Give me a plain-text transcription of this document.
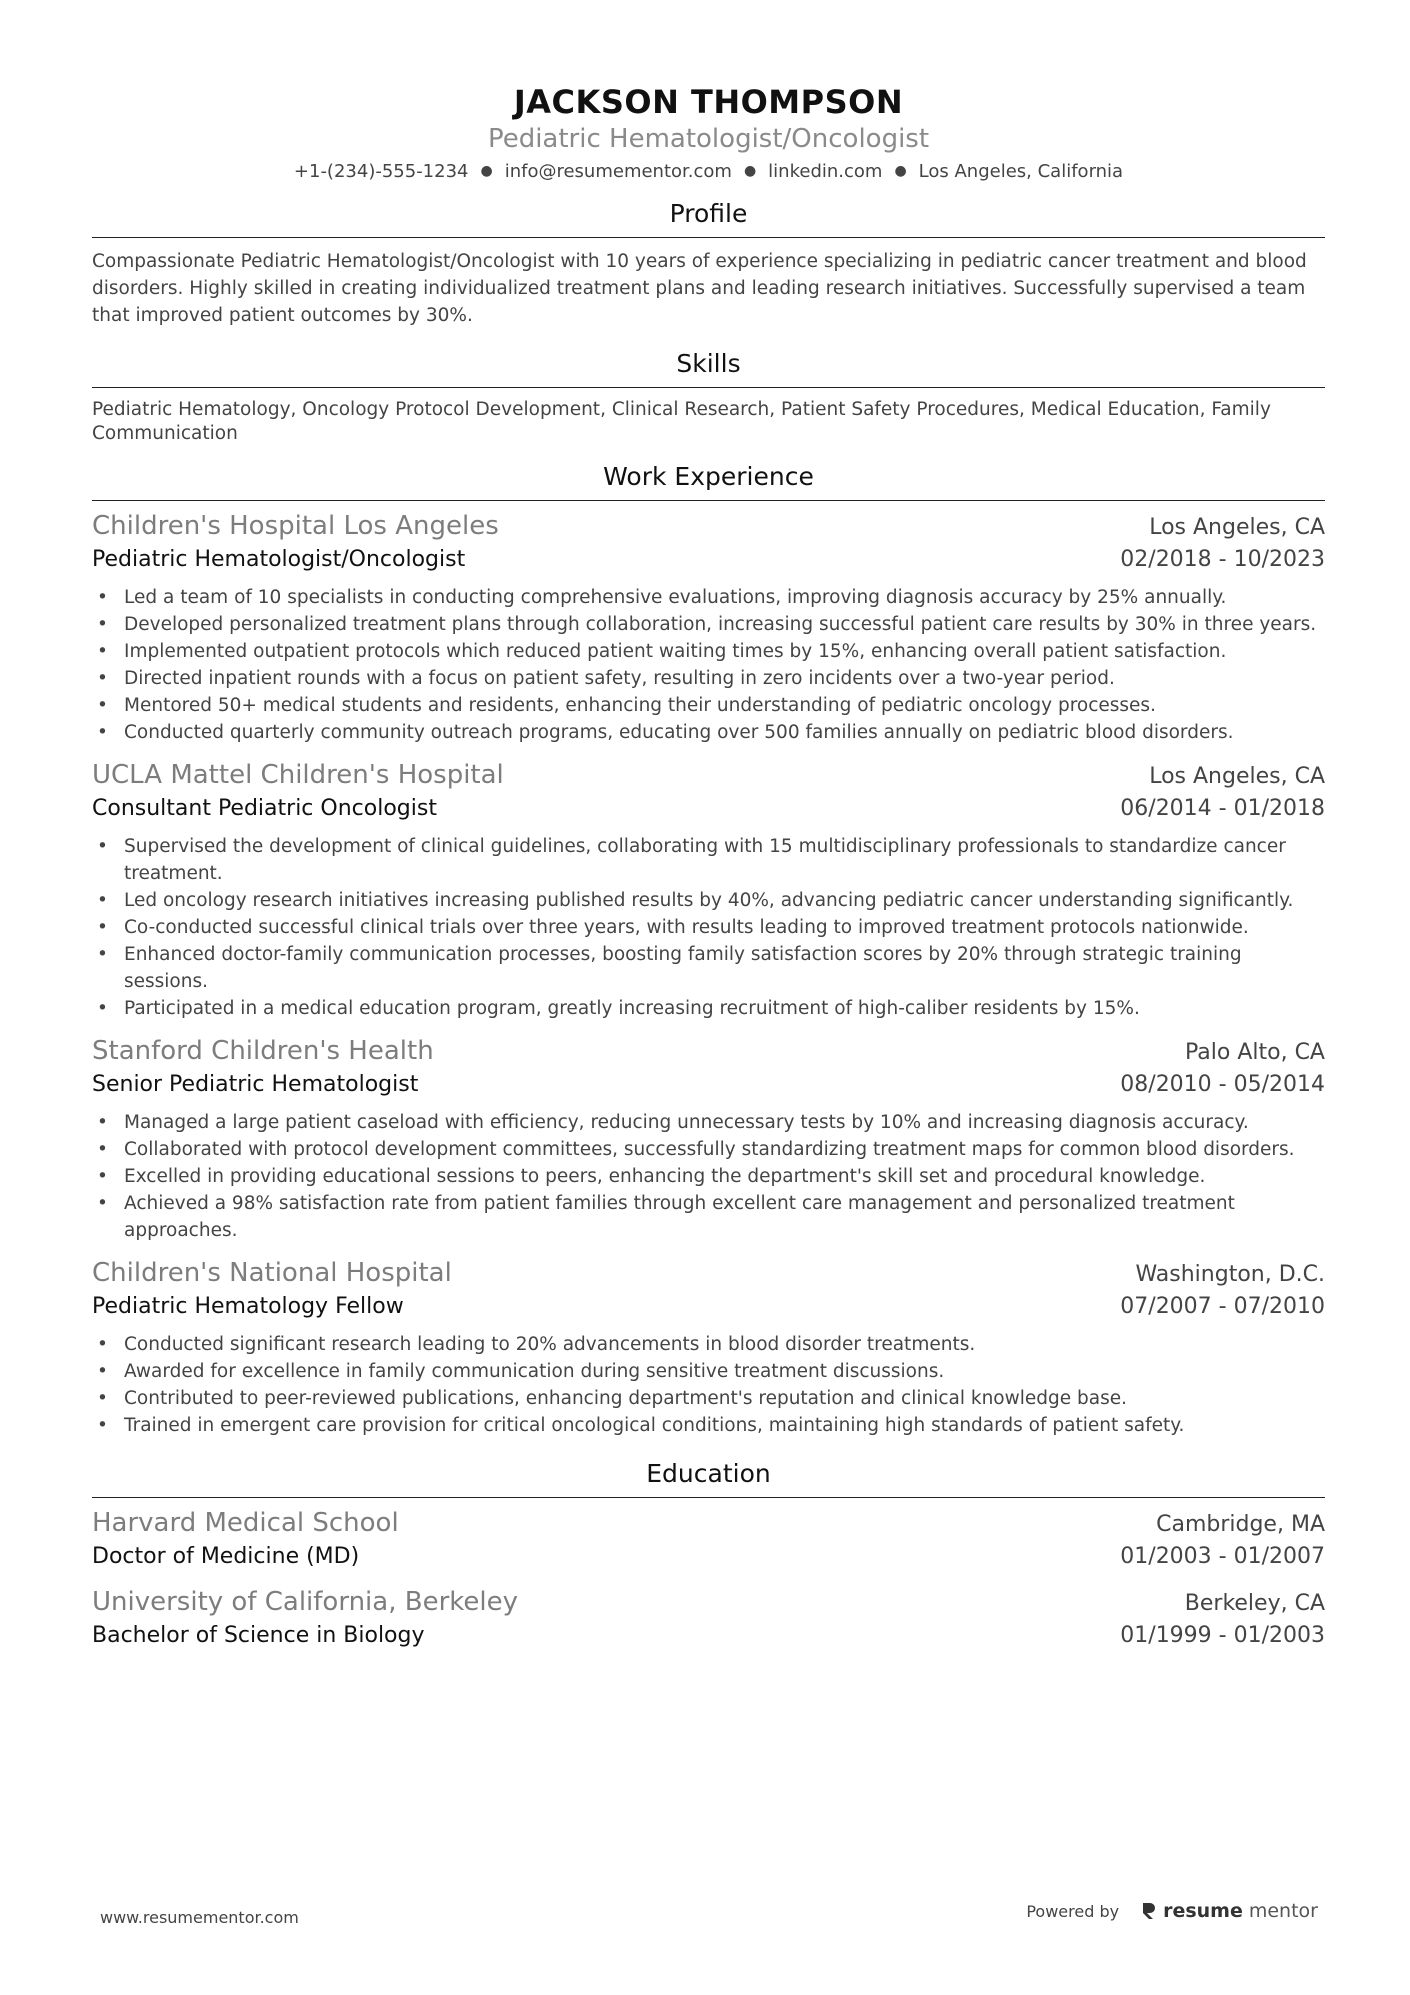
JACKSON THOMPSON
Pediatric Hematologist/Oncologist
+1-(234)-555-1234 ● info@resumementor.com ● linkedin.com ● Los Angeles, California
Profile
Compassionate Pediatric Hematologist/Oncologist with 10 years of experience specializing in pediatric cancer treatment and blood disorders. Highly skilled in creating individualized treatment plans and leading research initiatives. Successfully supervised a team that improved patient outcomes by 30%.
Skills
Pediatric Hematology, Oncology Protocol Development, Clinical Research, Patient Safety Procedures, Medical Education, Family Communication
Work Experience
Children's Hospital Los Angeles	Los Angeles, CA
Pediatric Hematologist/Oncologist	02/2018 - 10/2023
• Led a team of 10 specialists in conducting comprehensive evaluations, improving diagnosis accuracy by 25% annually.
• Developed personalized treatment plans through collaboration, increasing successful patient care results by 30% in three years.
• Implemented outpatient protocols which reduced patient waiting times by 15%, enhancing overall patient satisfaction.
• Directed inpatient rounds with a focus on patient safety, resulting in zero incidents over a two-year period.
• Mentored 50+ medical students and residents, enhancing their understanding of pediatric oncology processes.
• Conducted quarterly community outreach programs, educating over 500 families annually on pediatric blood disorders.
UCLA Mattel Children's Hospital	Los Angeles, CA
Consultant Pediatric Oncologist	06/2014 - 01/2018
• Supervised the development of clinical guidelines, collaborating with 15 multidisciplinary professionals to standardize cancer treatment.
• Led oncology research initiatives increasing published results by 40%, advancing pediatric cancer understanding significantly.
• Co-conducted successful clinical trials over three years, with results leading to improved treatment protocols nationwide.
• Enhanced doctor-family communication processes, boosting family satisfaction scores by 20% through strategic training sessions.
• Participated in a medical education program, greatly increasing recruitment of high-caliber residents by 15%.
Stanford Children's Health	Palo Alto, CA
Senior Pediatric Hematologist	08/2010 - 05/2014
• Managed a large patient caseload with efficiency, reducing unnecessary tests by 10% and increasing diagnosis accuracy.
• Collaborated with protocol development committees, successfully standardizing treatment maps for common blood disorders.
• Excelled in providing educational sessions to peers, enhancing the department's skill set and procedural knowledge.
• Achieved a 98% satisfaction rate from patient families through excellent care management and personalized treatment approaches.
Children's National Hospital	Washington, D.C.
Pediatric Hematology Fellow	07/2007 - 07/2010
• Conducted significant research leading to 20% advancements in blood disorder treatments.
• Awarded for excellence in family communication during sensitive treatment discussions.
• Contributed to peer-reviewed publications, enhancing department's reputation and clinical knowledge base.
• Trained in emergent care provision for critical oncological conditions, maintaining high standards of patient safety.
Education
Harvard Medical School	Cambridge, MA
Doctor of Medicine (MD)	01/2003 - 01/2007
University of California, Berkeley	Berkeley, CA
Bachelor of Science in Biology	01/1999 - 01/2003
www.resumementor.com	Powered by resume mentor
